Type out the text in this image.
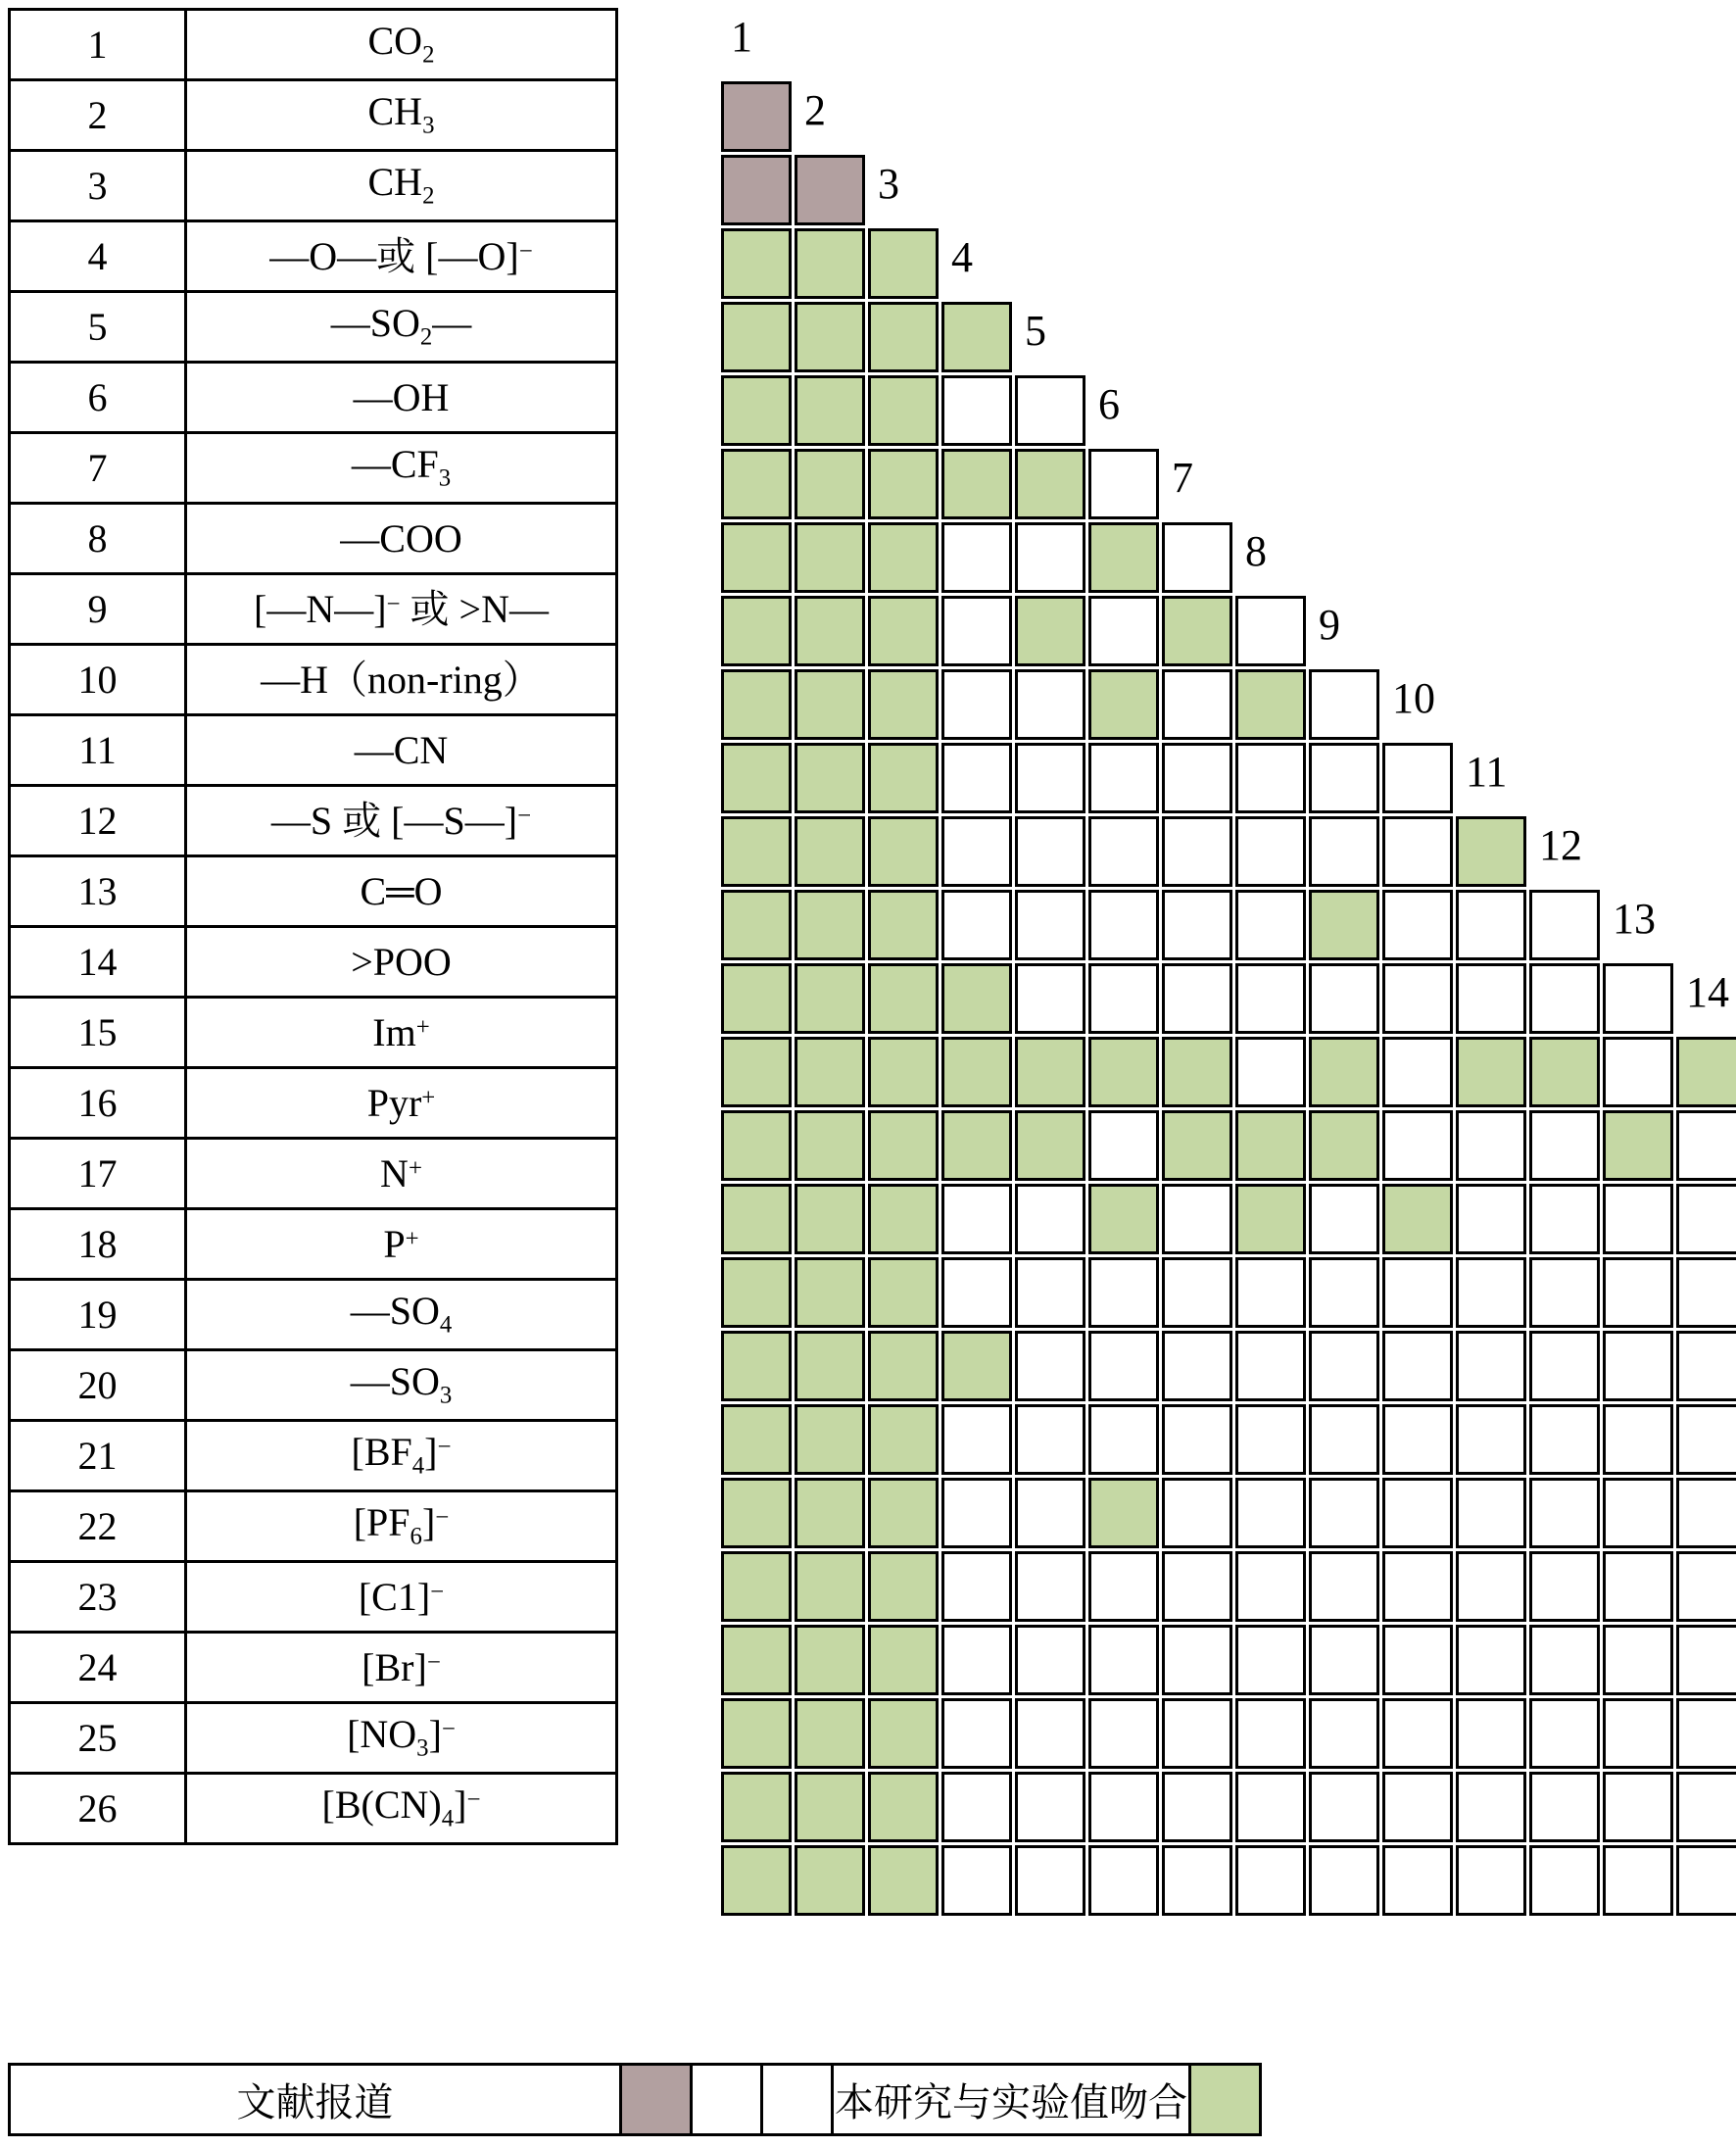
1	$CO_2$
2	$CH_3$
3	$CH_2$
4	—O—或 [—O]−
5	$—SO_2—$
6	—OH
7	$—CF_3$
8	—COO
9	[—N—]− 或 >N—
10	—H（non-ring）
11	—CN
12	—S 或 [—S—]−
13	C═O
14	>POO
15	Im+
16	Pyr+
17	N+
18	P+
19	$—SO_4$
20	$—SO_3$
21	$[BF_4]^-$
22	$[PF_6]^-$
23	[C1]−
24	[Br]−
25	$[NO_3]^-$
26	$[B(CN)_4]^-$
1
2
3
4
5
6
7
8
9
10
11
12
13
14
文献报道				本研究与实验值吻合	
